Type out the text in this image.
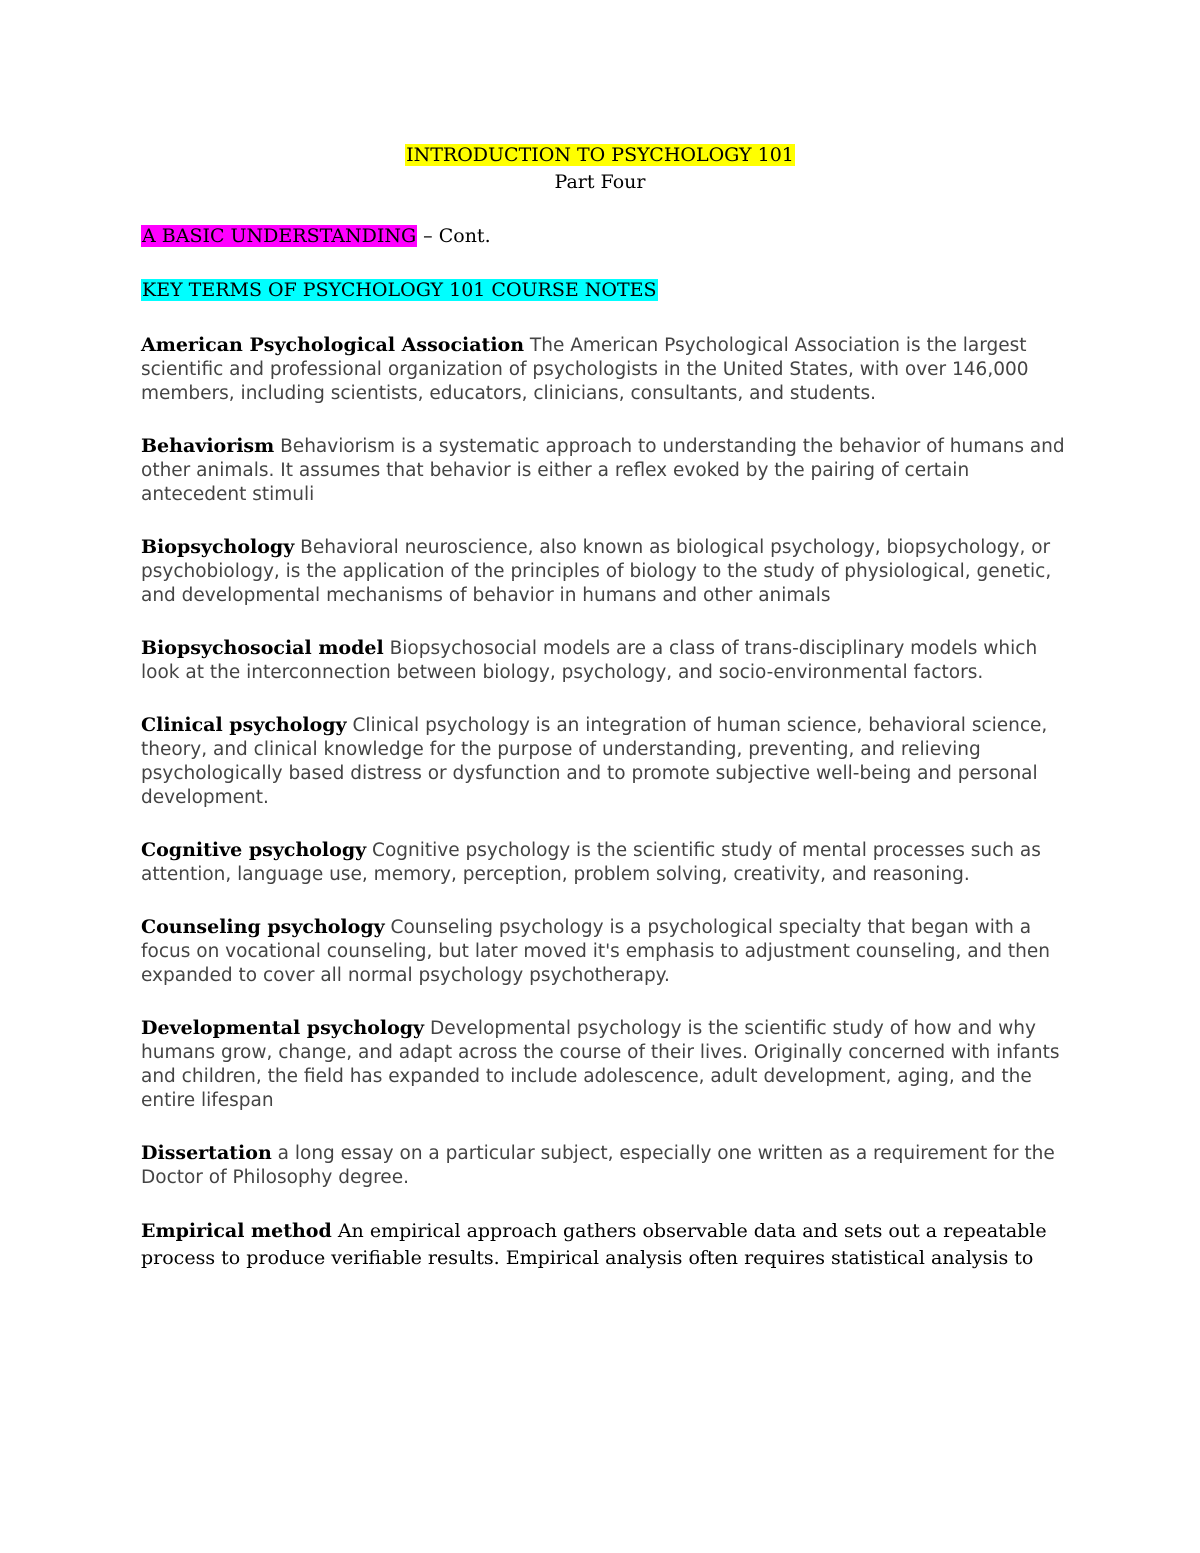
INTRODUCTION TO PSYCHOLOGY 101
Part Four
A BASIC UNDERSTANDING – Cont.
KEY TERMS OF PSYCHOLOGY 101 COURSE NOTES

American Psychological Association The American Psychological Association is the largest scientific and professional organization of psychologists in the United States, with over 146,000 members, including scientists, educators, clinicians, consultants, and students.

Behaviorism Behaviorism is a systematic approach to understanding the behavior of humans and other animals. It assumes that behavior is either a reflex evoked by the pairing of certain antecedent stimuli

Biopsychology Behavioral neuroscience, also known as biological psychology, biopsychology, or psychobiology, is the application of the principles of biology to the study of physiological, genetic, and developmental mechanisms of behavior in humans and other animals

Biopsychosocial model Biopsychosocial models are a class of trans-disciplinary models which look at the interconnection between biology, psychology, and socio-environmental factors.

Clinical psychology Clinical psychology is an integration of human science, behavioral science, theory, and clinical knowledge for the purpose of understanding, preventing, and relieving psychologically based distress or dysfunction and to promote subjective well-being and personal development.

Cognitive psychology Cognitive psychology is the scientific study of mental processes such as attention, language use, memory, perception, problem solving, creativity, and reasoning.

Counseling psychology Counseling psychology is a psychological specialty that began with a focus on vocational counseling, but later moved it's emphasis to adjustment counseling, and then expanded to cover all normal psychology psychotherapy.

Developmental psychology Developmental psychology is the scientific study of how and why humans grow, change, and adapt across the course of their lives. Originally concerned with infants and children, the field has expanded to include adolescence, adult development, aging, and the entire lifespan

Dissertation a long essay on a particular subject, especially one written as a requirement for the Doctor of Philosophy degree.

Empirical method An empirical approach gathers observable data and sets out a repeatable process to produce verifiable results. Empirical analysis often requires statistical analysis to
